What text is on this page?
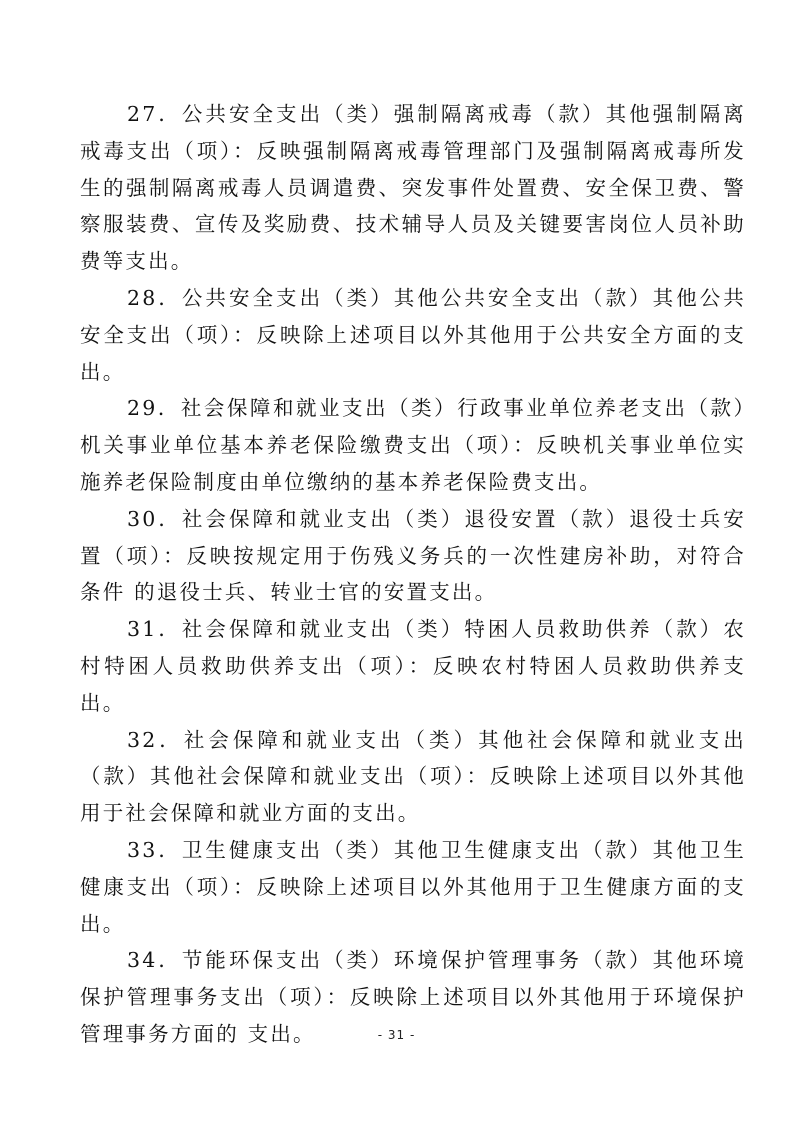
27．公共安全支出（类）强制隔离戒毒（款）其他强制隔离戒毒支出（项）：反映强制隔离戒毒管理部门及强制隔离戒毒所发生的强制隔离戒毒人员调遣费、突发事件处置费、安全保卫费、警察服装费、宣传及奖励费、技术辅导人员及关键要害岗位人员补助费等支出。

28．公共安全支出（类）其他公共安全支出（款）其他公共安全支出（项）：反映除上述项目以外其他用于公共安全方面的支出。

29．社会保障和就业支出（类）行政事业单位养老支出（款）机关事业单位基本养老保险缴费支出（项）：反映机关事业单位实施养老保险制度由单位缴纳的基本养老保险费支出。

30．社会保障和就业支出（类）退役安置（款）退役士兵安置（项）：反映按规定用于伤残义务兵的一次性建房补助，对符合条件 的退役士兵、转业士官的安置支出。

31．社会保障和就业支出（类）特困人员救助供养（款）农村特困人员救助供养支出（项）：反映农村特困人员救助供养支出。

32．社会保障和就业支出（类）其他社会保障和就业支出（款）其他社会保障和就业支出（项）：反映除上述项目以外其他用于社会保障和就业方面的支出。

33．卫生健康支出（类）其他卫生健康支出（款）其他卫生健康支出（项）：反映除上述项目以外其他用于卫生健康方面的支出。

34．节能环保支出（类）环境保护管理事务（款）其他环境保护管理事务支出（项）：反映除上述项目以外其他用于环境保护管理事务方面的 支出。	- 31 -
